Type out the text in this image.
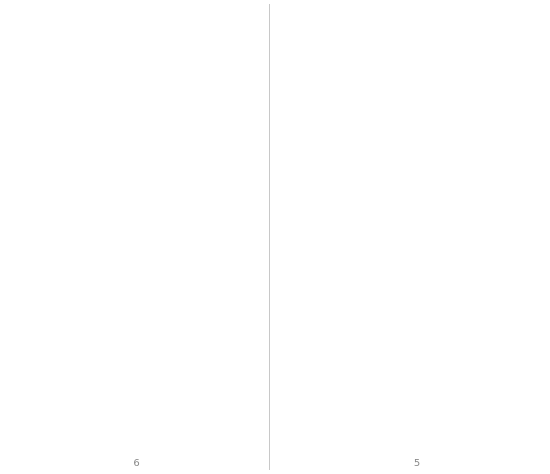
6	5
